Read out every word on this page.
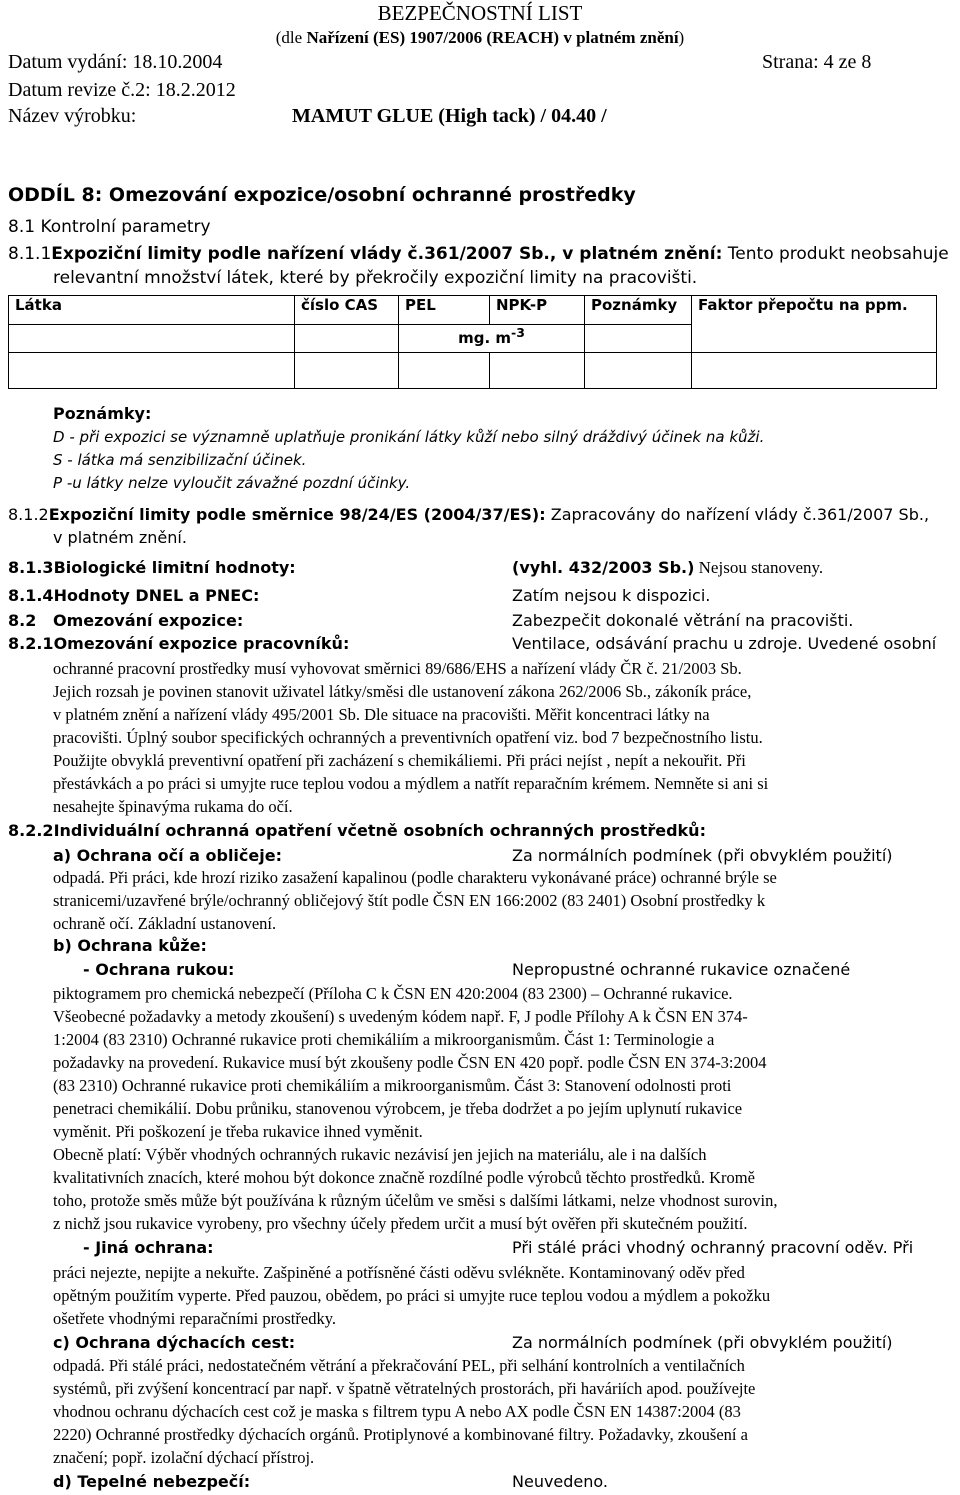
BEZPEČNOSTNÍ LIST
(dle Nařízení (ES) 1907/2006 (REACH) v platném znění)
Datum vydání: 18.10.2004	Strana: 4 ze 8
Datum revize č.2: 18.2.2012
Název výrobku:	MAMUT GLUE (High tack) / 04.40 /
ODDÍL 8: Omezování expozice/osobní ochranné prostředky
8.1 Kontrolní parametry
8.1.1Expoziční limity podle nařízení vlády č.361/2007 Sb., v platném znění: Tento produkt neobsahuje
relevantní množství látek, které by překročily expoziční limity na pracovišti.
Látka	číslo CAS	PEL	NPK-P	Poznámky	Faktor přepočtu na ppm.
		mg. $m^{-3}$		

Poznámky:
D - při expozici se významně uplatňuje pronikání látky kůží nebo silný dráždivý účinek na kůži.
S - látka má senzibilizační účinek.
P -u látky nelze vyloučit závažné pozdní účinky.
8.1.2Expoziční limity podle směrnice 98/24/ES (2004/37/ES): Zapracovány do nařízení vlády č.361/2007 Sb.,
v platném znění.
8.1.3Biologické limitní hodnoty:	(vyhl. 432/2003 Sb.) Nejsou stanoveny.
8.1.4Hodnoty DNEL a PNEC:	Zatím nejsou k dispozici.
8.2 Omezování expozice:	Zabezpečit dokonalé větrání na pracovišti.
8.2.1Omezování expozice pracovníků:	Ventilace, odsávání prachu u zdroje. Uvedené osobní
ochranné pracovní prostředky musí vyhovovat směrnici 89/686/EHS a nařízení vlády ČR č. 21/2003 Sb.
Jejich rozsah je povinen stanovit uživatel látky/směsi dle ustanovení zákona 262/2006 Sb., zákoník práce,
v platném znění a nařízení vlády 495/2001 Sb. Dle situace na pracovišti. Měřit koncentraci látky na
pracovišti. Úplný soubor specifických ochranných a preventivních opatření viz. bod 7 bezpečnostního listu.
Použijte obvyklá preventivní opatření při zacházení s chemikáliemi. Při práci nejíst , nepít a nekouřit. Při
přestávkách a po práci si umyjte ruce teplou vodou a mýdlem a natřít reparačním krémem. Nemněte si ani si
nesahejte špinavýma rukama do očí.
8.2.2Individuální ochranná opatření včetně osobních ochranných prostředků:
a) Ochrana očí a obličeje:	Za normálních podmínek (při obvyklém použití)
odpadá. Při práci, kde hrozí riziko zasažení kapalinou (podle charakteru vykonávané práce) ochranné brýle se
stranicemi/uzavřené brýle/ochranný obličejový štít podle ČSN EN 166:2002 (83 2401) Osobní prostředky k
ochraně očí. Základní ustanovení.
b) Ochrana kůže:
- Ochrana rukou:	Nepropustné ochranné rukavice označené
piktogramem pro chemická nebezpečí (Příloha C k ČSN EN 420:2004 (83 2300) – Ochranné rukavice.
Všeobecné požadavky a metody zkoušení) s uvedeným kódem např. F, J podle Přílohy A k ČSN EN 374-
1:2004 (83 2310) Ochranné rukavice proti chemikáliím a mikroorganismům. Část 1: Terminologie a
požadavky na provedení. Rukavice musí být zkoušeny podle ČSN EN 420 popř. podle ČSN EN 374-3:2004
(83 2310) Ochranné rukavice proti chemikáliím a mikroorganismům. Část 3: Stanovení odolnosti proti
penetraci chemikálií. Dobu průniku, stanovenou výrobcem, je třeba dodržet a po jejím uplynutí rukavice
vyměnit. Při poškození je třeba rukavice ihned vyměnit.
Obecně platí: Výběr vhodných ochranných rukavic nezávisí jen jejich na materiálu, ale i na dalších
kvalitativních znacích, které mohou být dokonce značně rozdílné podle výrobců těchto prostředků. Kromě
toho, protože směs může být používána k různým účelům ve směsi s dalšími látkami, nelze vhodnost surovin,
z nichž jsou rukavice vyrobeny, pro všechny účely předem určit a musí být ověřen při skutečném použití.
- Jiná ochrana:	Při stálé práci vhodný ochranný pracovní oděv. Při
práci nejezte, nepijte a nekuřte. Zašpiněné a potřísněné části oděvu svlékněte. Kontaminovaný oděv před
opětným použitím vyperte. Před pauzou, obědem, po práci si umyjte ruce teplou vodou a mýdlem a pokožku
ošetřete vhodnými reparačními prostředky.
c) Ochrana dýchacích cest:	Za normálních podmínek (při obvyklém použití)
odpadá. Při stálé práci, nedostatečném větrání a překračování PEL, při selhání kontrolních a ventilačních
systémů, při zvýšení koncentrací par např. v špatně větratelných prostorách, při haváriích apod. používejte
vhodnou ochranu dýchacích cest což je maska s filtrem typu A nebo AX podle ČSN EN 14387:2004 (83
2220) Ochranné prostředky dýchacích orgánů. Protiplynové a kombinované filtry. Požadavky, zkoušení a
značení; popř. izolační dýchací přístroj.
d) Tepelné nebezpečí:	Neuvedeno.
